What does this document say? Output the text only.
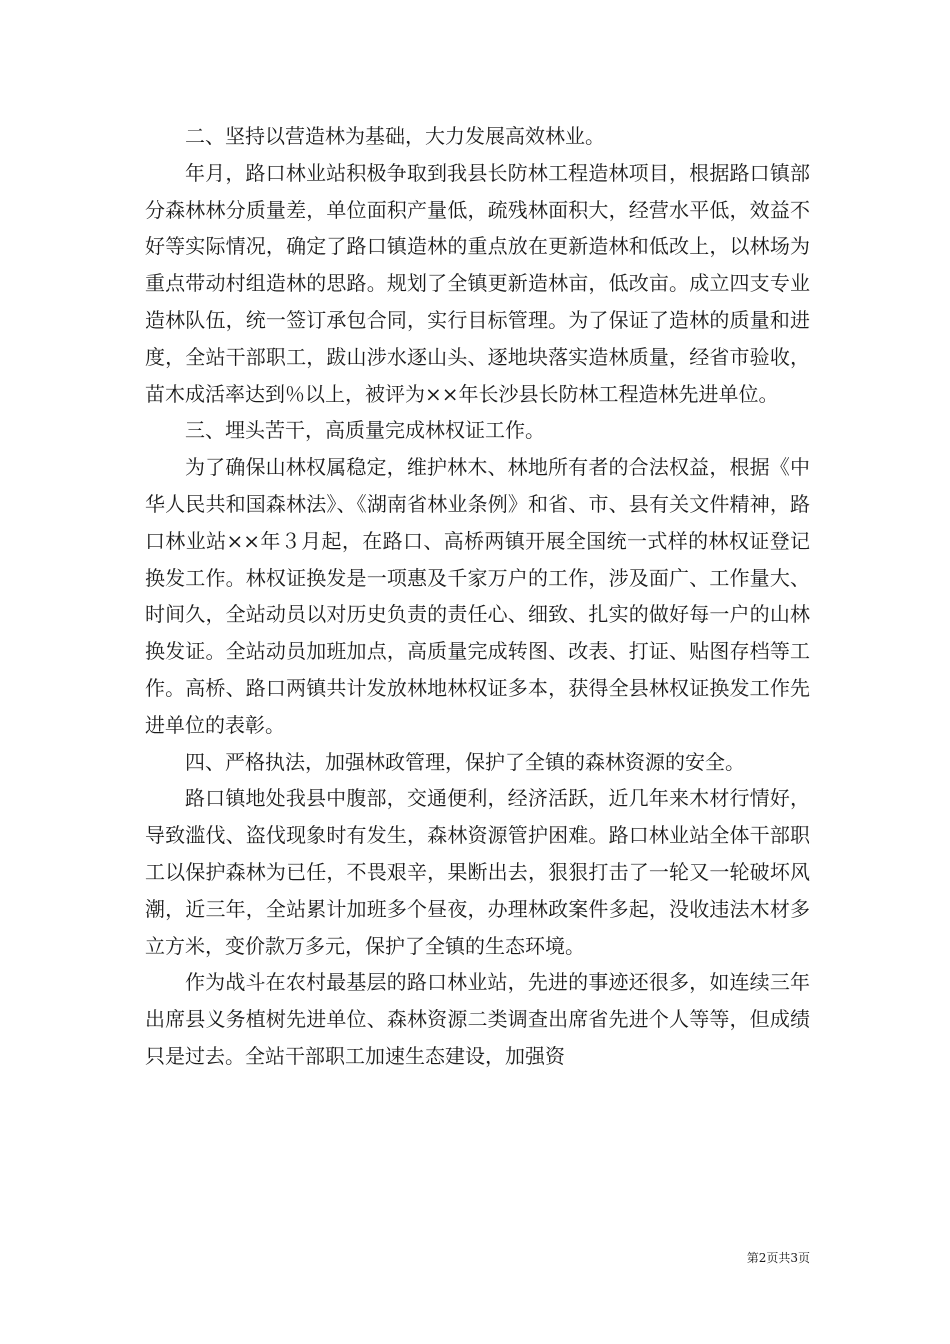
二、坚持以营造林为基础，大力发展高效林业。

年月，路口林业站积极争取到我县长防林工程造林项目，根据路口镇部分森林林分质量差，单位面积产量低，疏残林面积大，经营水平低，效益不好等实际情况，确定了路口镇造林的重点放在更新造林和低改上，以林场为重点带动村组造林的思路。规划了全镇更新造林亩，低改亩。成立四支专业造林队伍，统一签订承包合同，实行目标管理。为了保证了造林的质量和进度，全站干部职工，跋山涉水逐山头、逐地块落实造林质量，经省市验收，苗木成活率达到％以上，被评为××年长沙县长防林工程造林先进单位。

三、埋头苦干，高质量完成林权证工作。

为了确保山林权属稳定，维护林木、林地所有者的合法权益，根据《中华人民共和国森林法》、《湖南省林业条例》和省、市、县有关文件精神，路口林业站××年３月起，在路口、高桥两镇开展全国统一式样的林权证登记换发工作。林权证换发是一项惠及千家万户的工作，涉及面广、工作量大、时间久，全站动员以对历史负责的责任心、细致、扎实的做好每一户的山林换发证。全站动员加班加点，高质量完成转图、改表、打证、贴图存档等工作。高桥、路口两镇共计发放林地林权证多本，获得全县林权证换发工作先进单位的表彰。

四、严格执法，加强林政管理，保护了全镇的森林资源的安全。

路口镇地处我县中腹部，交通便利，经济活跃，近几年来木材行情好，导致滥伐、盗伐现象时有发生，森林资源管护困难。路口林业站全体干部职工以保护森林为已任，不畏艰辛，果断出去，狠狠打击了一轮又一轮破坏风潮，近三年，全站累计加班多个昼夜，办理林政案件多起，没收违法木材多立方米，变价款万多元，保护了全镇的生态环境。

作为战斗在农村最基层的路口林业站，先进的事迹还很多，如连续三年出席县义务植树先进单位、森林资源二类调查出席省先进个人等等，但成绩只是过去。全站干部职工加速生态建设，加强资

第2页共3页
